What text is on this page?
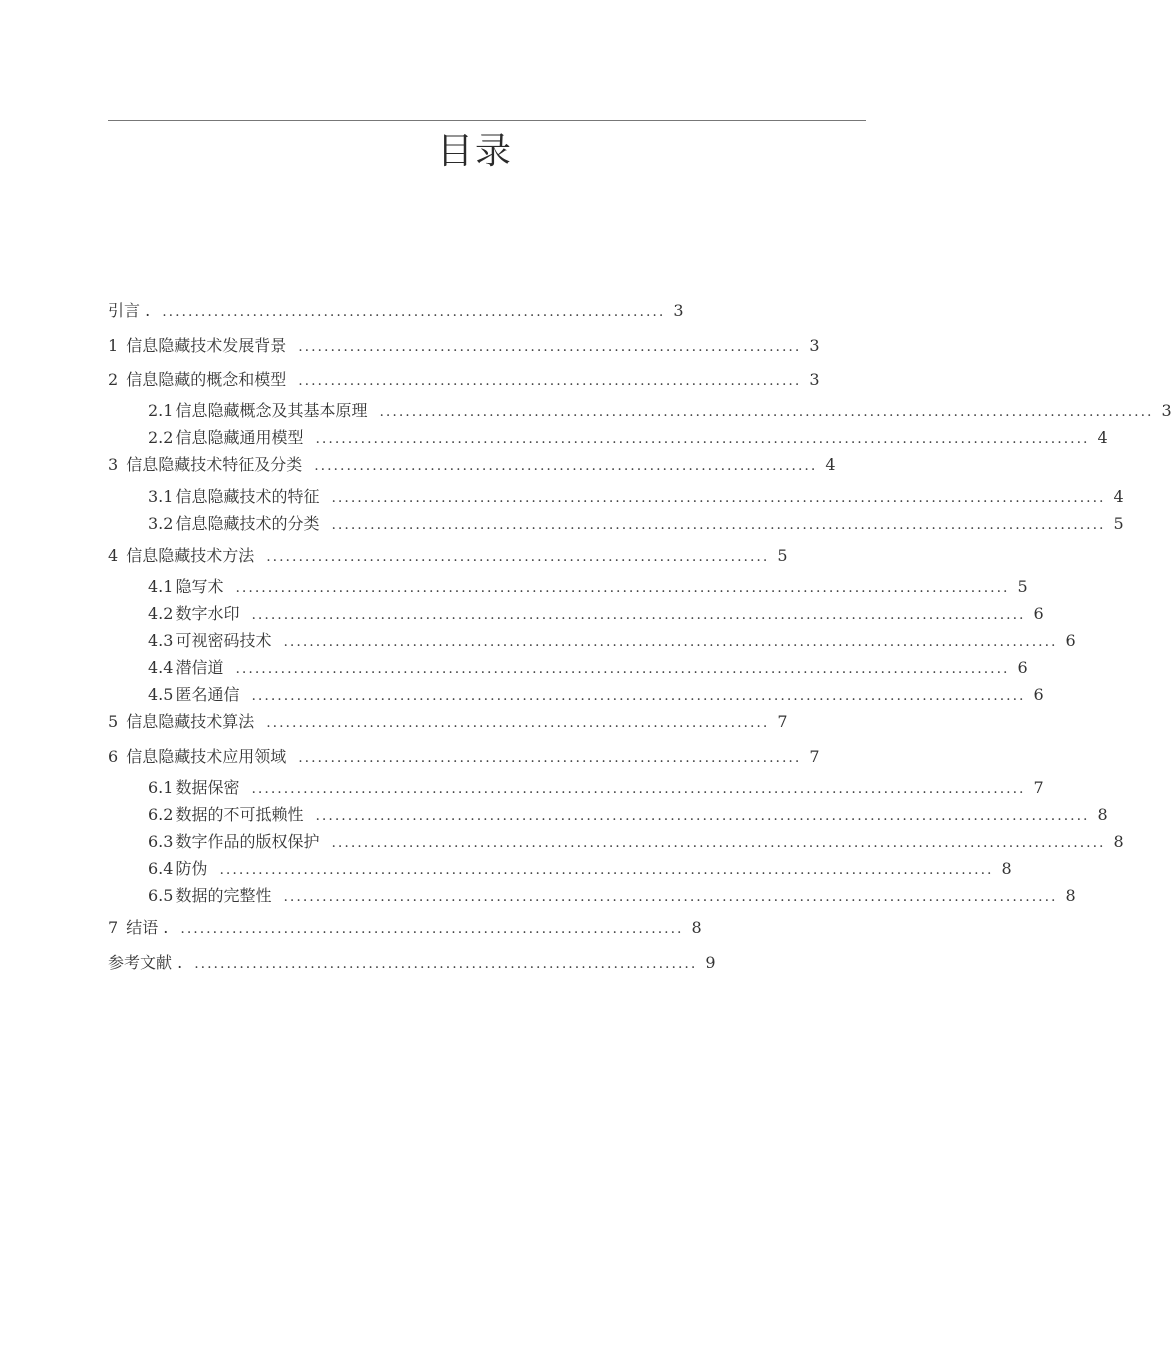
目录
引言 . .............................................................................. 3
1 信息隐藏技术发展背景 .............................................................................. 3
2 信息隐藏的概念和模型 .............................................................................. 3
2.1 信息隐藏概念及其基本原理 ........................................................................................................................ 3
2.2 信息隐藏通用模型 ........................................................................................................................ 4
3 信息隐藏技术特征及分类 .............................................................................. 4
3.1 信息隐藏技术的特征 ........................................................................................................................ 4
3.2 信息隐藏技术的分类 ........................................................................................................................ 5
4 信息隐藏技术方法 .............................................................................. 5
4.1 隐写术 ........................................................................................................................ 5
4.2 数字水印 ........................................................................................................................ 6
4.3 可视密码技术 ........................................................................................................................ 6
4.4 潜信道 ........................................................................................................................ 6
4.5 匿名通信 ........................................................................................................................ 6
5 信息隐藏技术算法 .............................................................................. 7
6 信息隐藏技术应用领域 .............................................................................. 7
6.1 数据保密 ........................................................................................................................ 7
6.2 数据的不可抵赖性 ........................................................................................................................ 8
6.3 数字作品的版权保护 ........................................................................................................................ 8
6.4 防伪 ........................................................................................................................ 8
6.5 数据的完整性 ........................................................................................................................ 8
7 结语 . .............................................................................. 8
参考文献 . .............................................................................. 9
